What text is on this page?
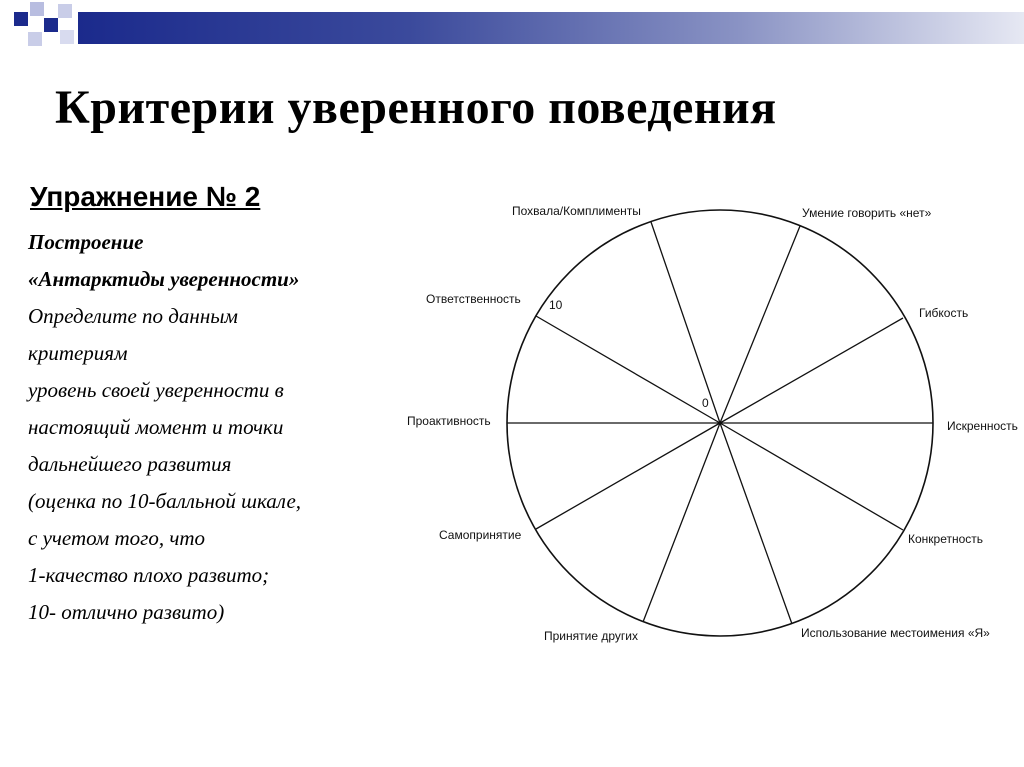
Критерии уверенного поведения
Упражнение № 2
Построение
«Антарктиды уверенности»
Определите по данным
критериям
уровень своей уверенности в
настоящий момент и точки
дальнейшего развития
(оценка по 10-балльной шкале,
с учетом того, что
1-качество плохо развито;
10- отлично развито)
0
10
Похвала/Комплименты	Умение говорить «нет»
Гибкость
Искренность
Конкретность
Использование местоимения «Я»
Принятие других
Самопринятие
Проактивность
Ответственность
